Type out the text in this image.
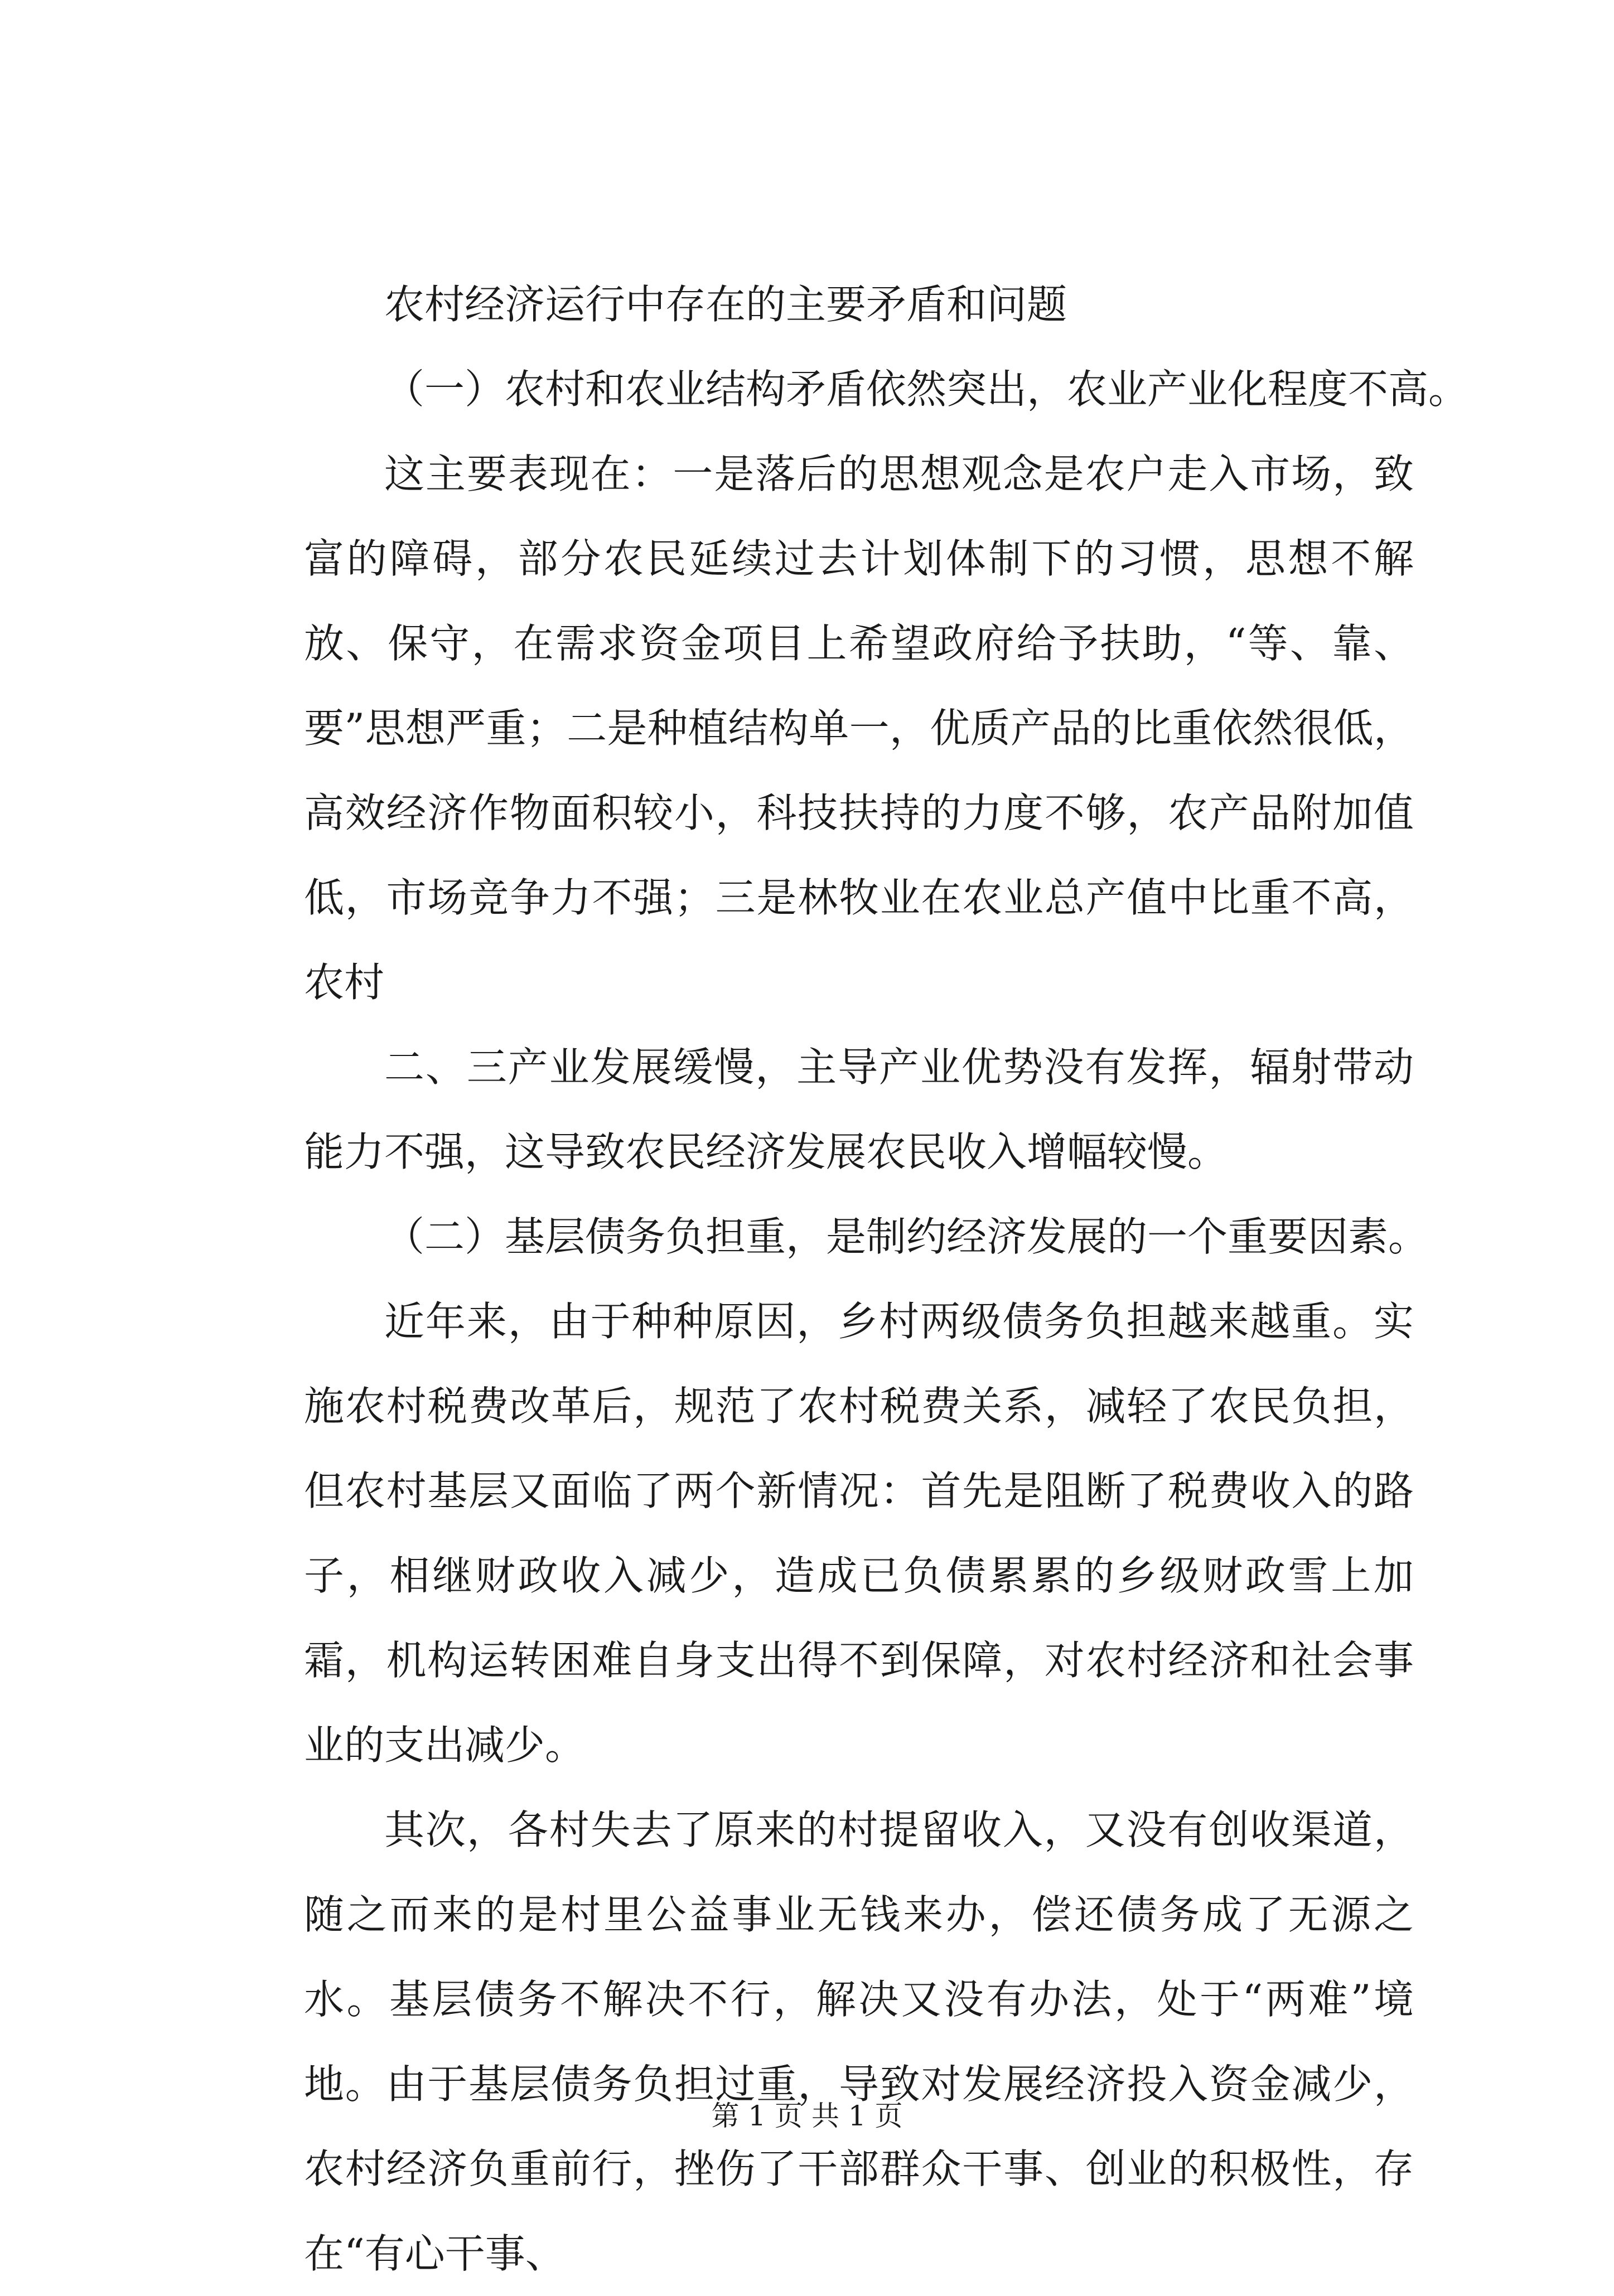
农村经济运行中存在的主要矛盾和问题

（一）农村和农业结构矛盾依然突出，农业产业化程度不高。

这主要表现在：一是落后的思想观念是农户走入市场，致富的障碍，部分农民延续过去计划体制下的习惯，思想不解放、保守，在需求资金项目上希望政府给予扶助，“等、靠、要”思想严重；二是种植结构单一，优质产品的比重依然很低，高效经济作物面积较小，科技扶持的力度不够，农产品附加值低，市场竞争力不强；三是林牧业在农业总产值中比重不高，农村

二、三产业发展缓慢，主导产业优势没有发挥，辐射带动能力不强，这导致农民经济发展农民收入增幅较慢。

（二）基层债务负担重，是制约经济发展的一个重要因素。

近年来，由于种种原因，乡村两级债务负担越来越重。实施农村税费改革后，规范了农村税费关系，减轻了农民负担，但农村基层又面临了两个新情况：首先是阻断了税费收入的路子，相继财政收入减少，造成已负债累累的乡级财政雪上加霜，机构运转困难自身支出得不到保障，对农村经济和社会事业的支出减少。

其次，各村失去了原来的村提留收入，又没有创收渠道，随之而来的是村里公益事业无钱来办，偿还债务成了无源之水。基层债务不解决不行，解决又没有办法，处于“两难”境地。由于基层债务负担过重，导致对发展经济投入资金减少，农村经济负重前行，挫伤了干部群众干事、创业的积极性，存在“有心干事、

第 1 页 共 1 页
